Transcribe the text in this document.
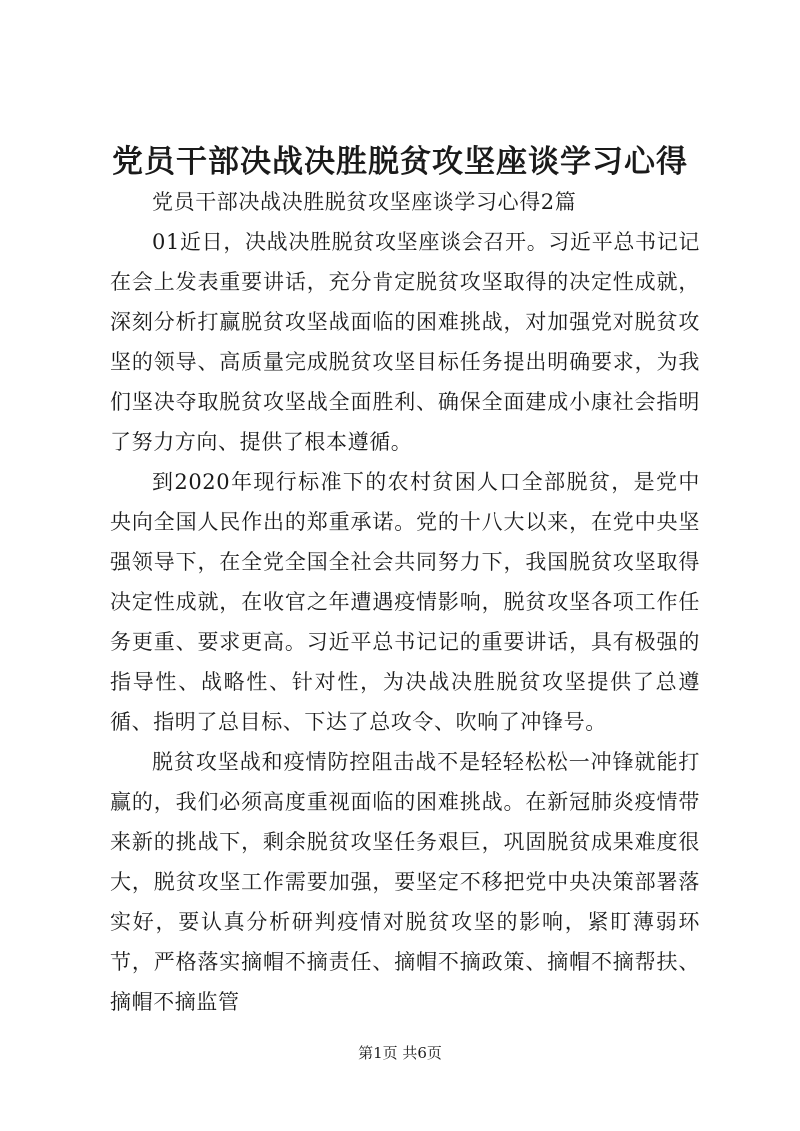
党员干部决战决胜脱贫攻坚座谈学习心得

党员干部决战决胜脱贫攻坚座谈学习心得2篇

01近日，决战决胜脱贫攻坚座谈会召开。习近平总书记记在会上发表重要讲话，充分肯定脱贫攻坚取得的决定性成就，深刻分析打赢脱贫攻坚战面临的困难挑战，对加强党对脱贫攻坚的领导、高质量完成脱贫攻坚目标任务提出明确要求，为我们坚决夺取脱贫攻坚战全面胜利、确保全面建成小康社会指明了努力方向、提供了根本遵循。

到2020年现行标准下的农村贫困人口全部脱贫，是党中央向全国人民作出的郑重承诺。党的十八大以来，在党中央坚强领导下，在全党全国全社会共同努力下，我国脱贫攻坚取得决定性成就，在收官之年遭遇疫情影响，脱贫攻坚各项工作任务更重、要求更高。习近平总书记记的重要讲话，具有极强的指导性、战略性、针对性，为决战决胜脱贫攻坚提供了总遵循、指明了总目标、下达了总攻令、吹响了冲锋号。

脱贫攻坚战和疫情防控阻击战不是轻轻松松一冲锋就能打赢的，我们必须高度重视面临的困难挑战。在新冠肺炎疫情带来新的挑战下，剩余脱贫攻坚任务艰巨，巩固脱贫成果难度很大，脱贫攻坚工作需要加强，要坚定不移把党中央决策部署落实好，要认真分析研判疫情对脱贫攻坚的影响，紧盯薄弱环节，严格落实摘帽不摘责任、摘帽不摘政策、摘帽不摘帮扶、摘帽不摘监管

第1页 共6页
